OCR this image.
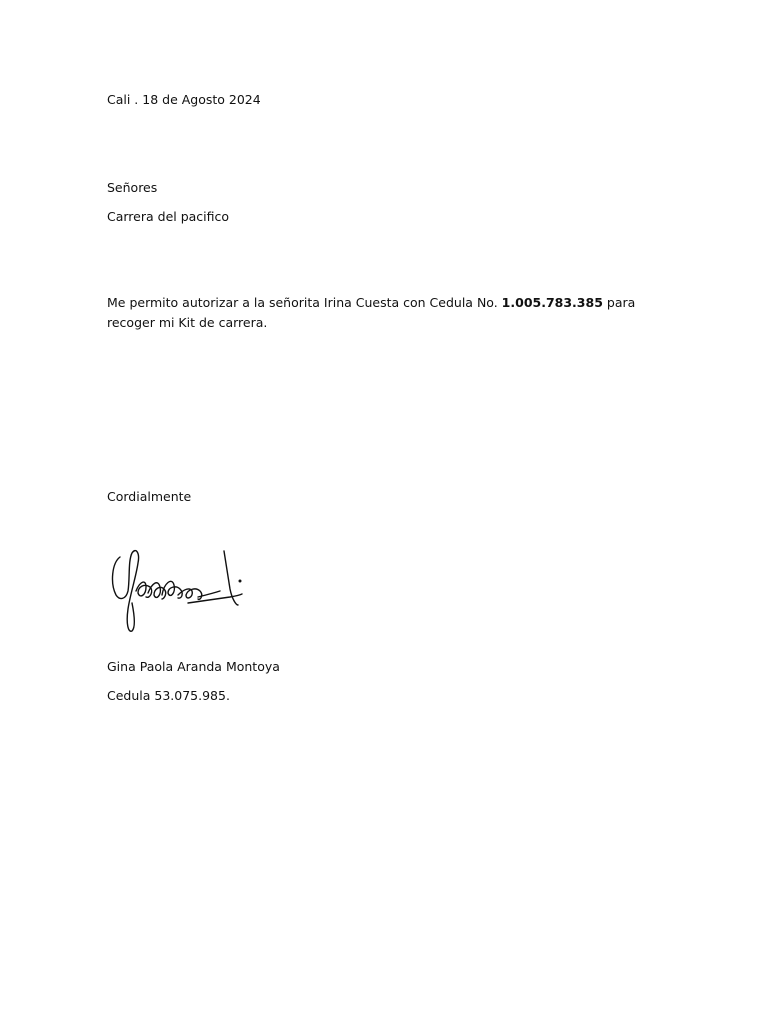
Cali . 18 de Agosto 2024
Señores
Carrera del pacifico
Me permito autorizar a la señorita Irina Cuesta con Cedula No. 1.005.783.385 para recoger mi Kit de carrera.
Cordialmente
Gina Paola Aranda Montoya
Cedula 53.075.985.
